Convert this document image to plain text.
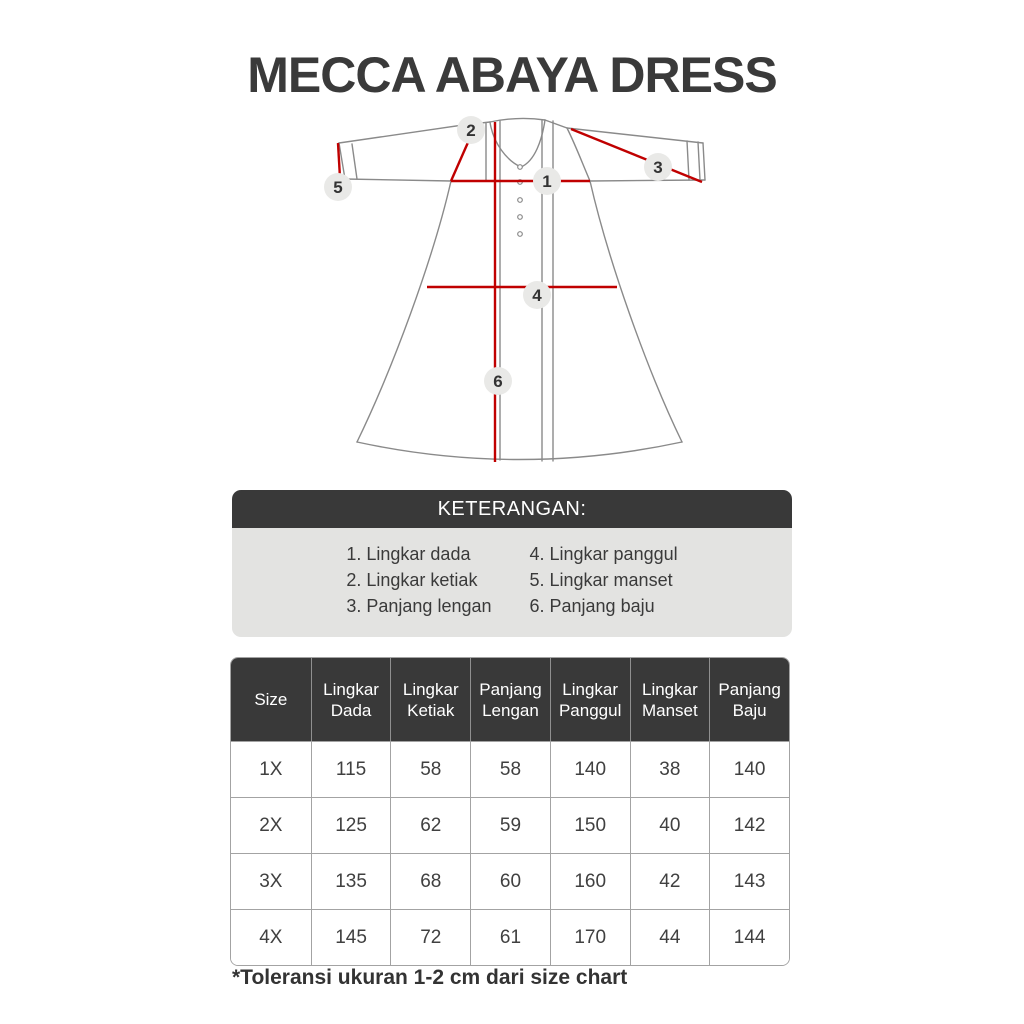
MECCA ABAYA DRESS
1
2
3
4
5
6
KETERANGAN:
1. Lingkar dada
2. Lingkar ketiak
3. Panjang lengan
4. Lingkar panggul
5. Lingkar manset
6. Panjang baju
Size	Lingkar Dada	Lingkar Ketiak	Panjang Lengan	Lingkar Panggul	Lingkar Manset	Panjang Baju
1X	115	58	58	140	38	140
2X	125	62	59	150	40	142
3X	135	68	60	160	42	143
4X	145	72	61	170	44	144
*Toleransi ukuran 1-2 cm dari size chart
